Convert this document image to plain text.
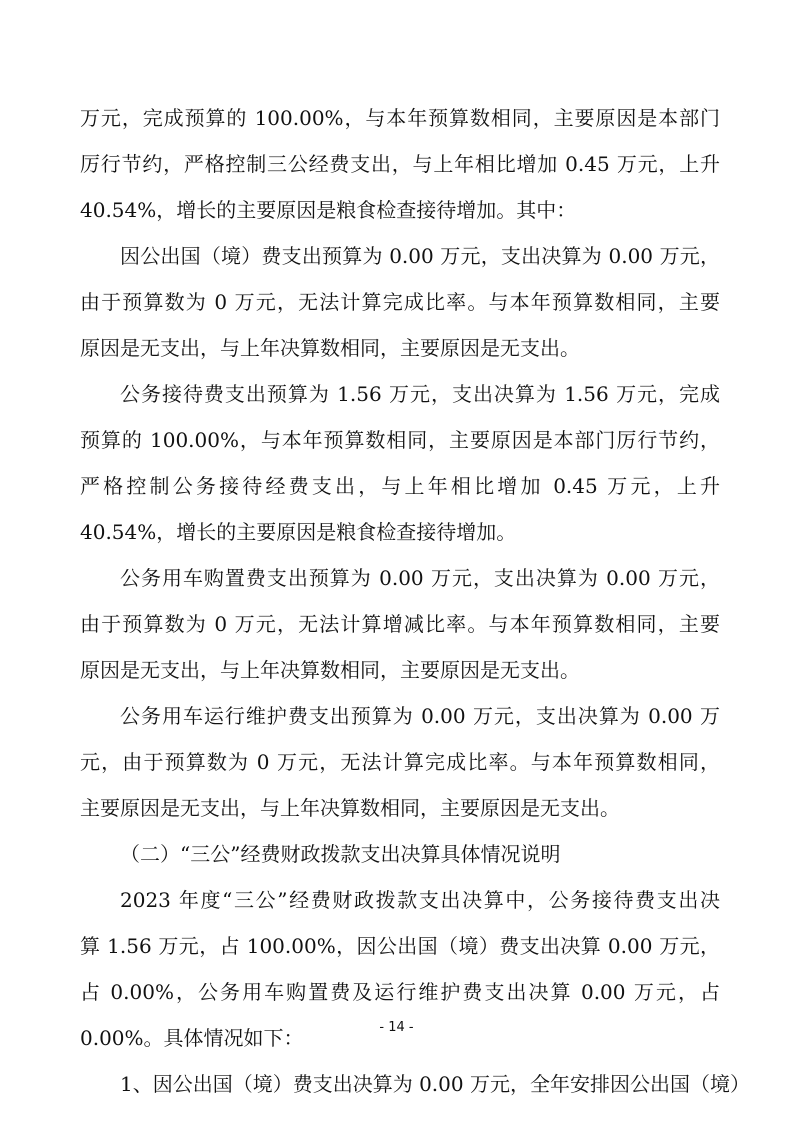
万元，完成预算的 100.00%，与本年预算数相同，主要原因是本部门
厉行节约，严格控制三公经费支出，与上年相比增加 0.45 万元，上升
40.54%，增长的主要原因是粮食检查接待增加。其中：
因公出国（境）费支出预算为 0.00 万元，支出决算为 0.00 万元，
由于预算数为 0 万元，无法计算完成比率。与本年预算数相同，主要
原因是无支出，与上年决算数相同，主要原因是无支出。
公务接待费支出预算为 1.56 万元，支出决算为 1.56 万元，完成
预算的 100.00%，与本年预算数相同，主要原因是本部门厉行节约，
严格控制公务接待经费支出，与上年相比增加 0.45 万元，上升
40.54%，增长的主要原因是粮食检查接待增加。
公务用车购置费支出预算为 0.00 万元，支出决算为 0.00 万元，
由于预算数为 0 万元，无法计算增减比率。与本年预算数相同，主要
原因是无支出，与上年决算数相同，主要原因是无支出。
公务用车运行维护费支出预算为 0.00 万元，支出决算为 0.00 万
元，由于预算数为 0 万元，无法计算完成比率。与本年预算数相同，
主要原因是无支出，与上年决算数相同，主要原因是无支出。
（二）“三公”经费财政拨款支出决算具体情况说明
2023 年度“三公”经费财政拨款支出决算中，公务接待费支出决
算 1.56 万元，占 100.00%，因公出国（境）费支出决算 0.00 万元，
占 0.00%，公务用车购置费及运行维护费支出决算 0.00 万元，占
0.00%。具体情况如下：
1、因公出国（境）费支出决算为 0.00 万元，全年安排因公出国（境）
- 14 -
